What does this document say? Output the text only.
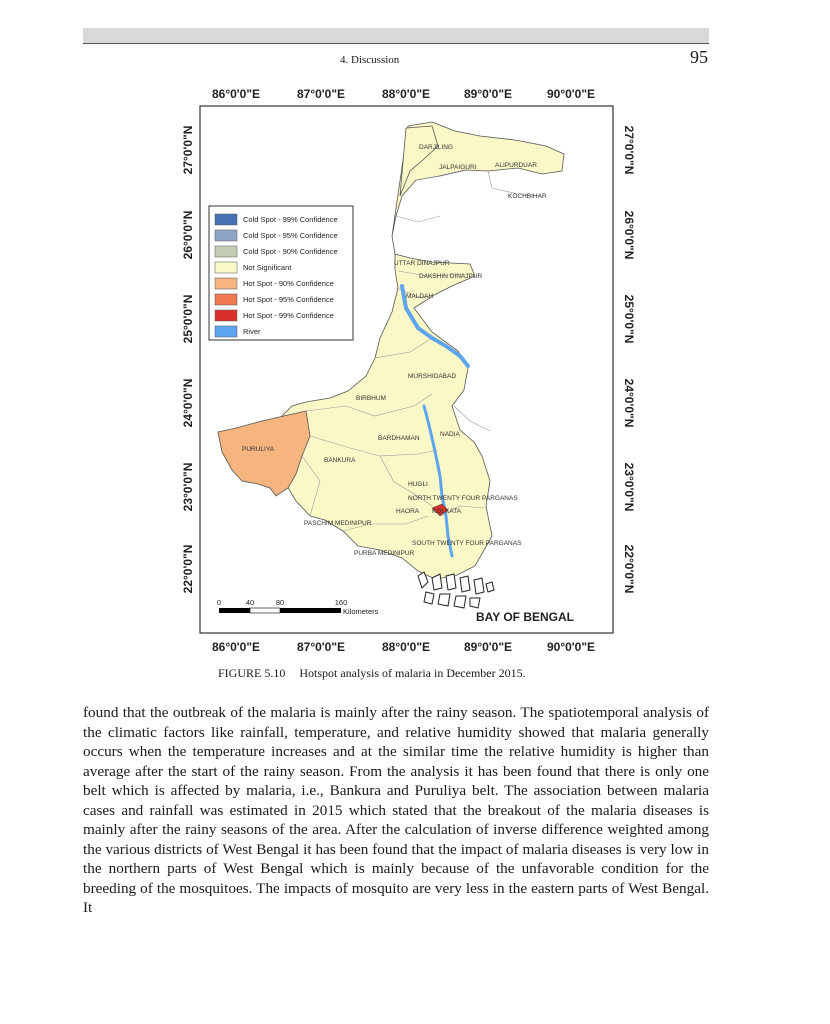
4. Discussion	95
86°0'0"E	87°0'0"E	88°0'0"E	89°0'0"E	90°0'0"E
86°0'0"E	87°0'0"E	88°0'0"E	89°0'0"E	90°0'0"E
27°0'0"N
26°0'0"N
25°0'0"N
24°0'0"N
23°0'0"N
22°0'0"N
27°0'0"N
26°0'0"N
25°0'0"N
24°0'0"N
23°0'0"N
22°0'0"N
DARJILING
JALPAIGURI	ALIPURDUAR
KOCHBIHAR
UTTAR DINAJPUR
DAKSHIN DINAJPUR
MALDAH
MURSHIDABAD
BIRBHUM
BARDHAMAN
NADIA
PURULIYA
BANKURA
HUGLI
NORTH TWENTY FOUR PARGANAS
HAORA KOLKATA
PASCHIM MEDINIPUR
SOUTH TWENTY FOUR PARGANAS
PURBA MEDINIPUR
Cold Spot - 99% Confidence
Cold Spot - 95% Confidence
Cold Spot - 90% Confidence
Not Significant
Hot Spot - 90% Confidence
Hot Spot - 95% Confidence
Hot Spot - 99% Confidence
River
0	40	80	160
Kilometers	BAY OF BENGAL
FIGURE 5.10 Hotspot analysis of malaria in December 2015.
found that the outbreak of the malaria is mainly after the rainy season. The spatiotemporal analysis of the climatic factors like rainfall, temperature, and relative humidity showed that malaria generally occurs when the temperature increases and at the similar time the relative humidity is higher than average after the start of the rainy season. From the analysis it has been found that there is only one belt which is affected by malaria, i.e., Bankura and Puruliya belt. The association between malaria cases and rainfall was estimated in 2015 which stated that the breakout of the malaria diseases is mainly after the rainy seasons of the area. After the calculation of inverse difference weighted among the various districts of West Bengal it has been found that the impact of malaria diseases is very low in the northern parts of West Bengal which is mainly because of the unfavorable condition for the breeding of the mosquitoes. The impacts of mosquito are very less in the eastern parts of West Bengal. It
